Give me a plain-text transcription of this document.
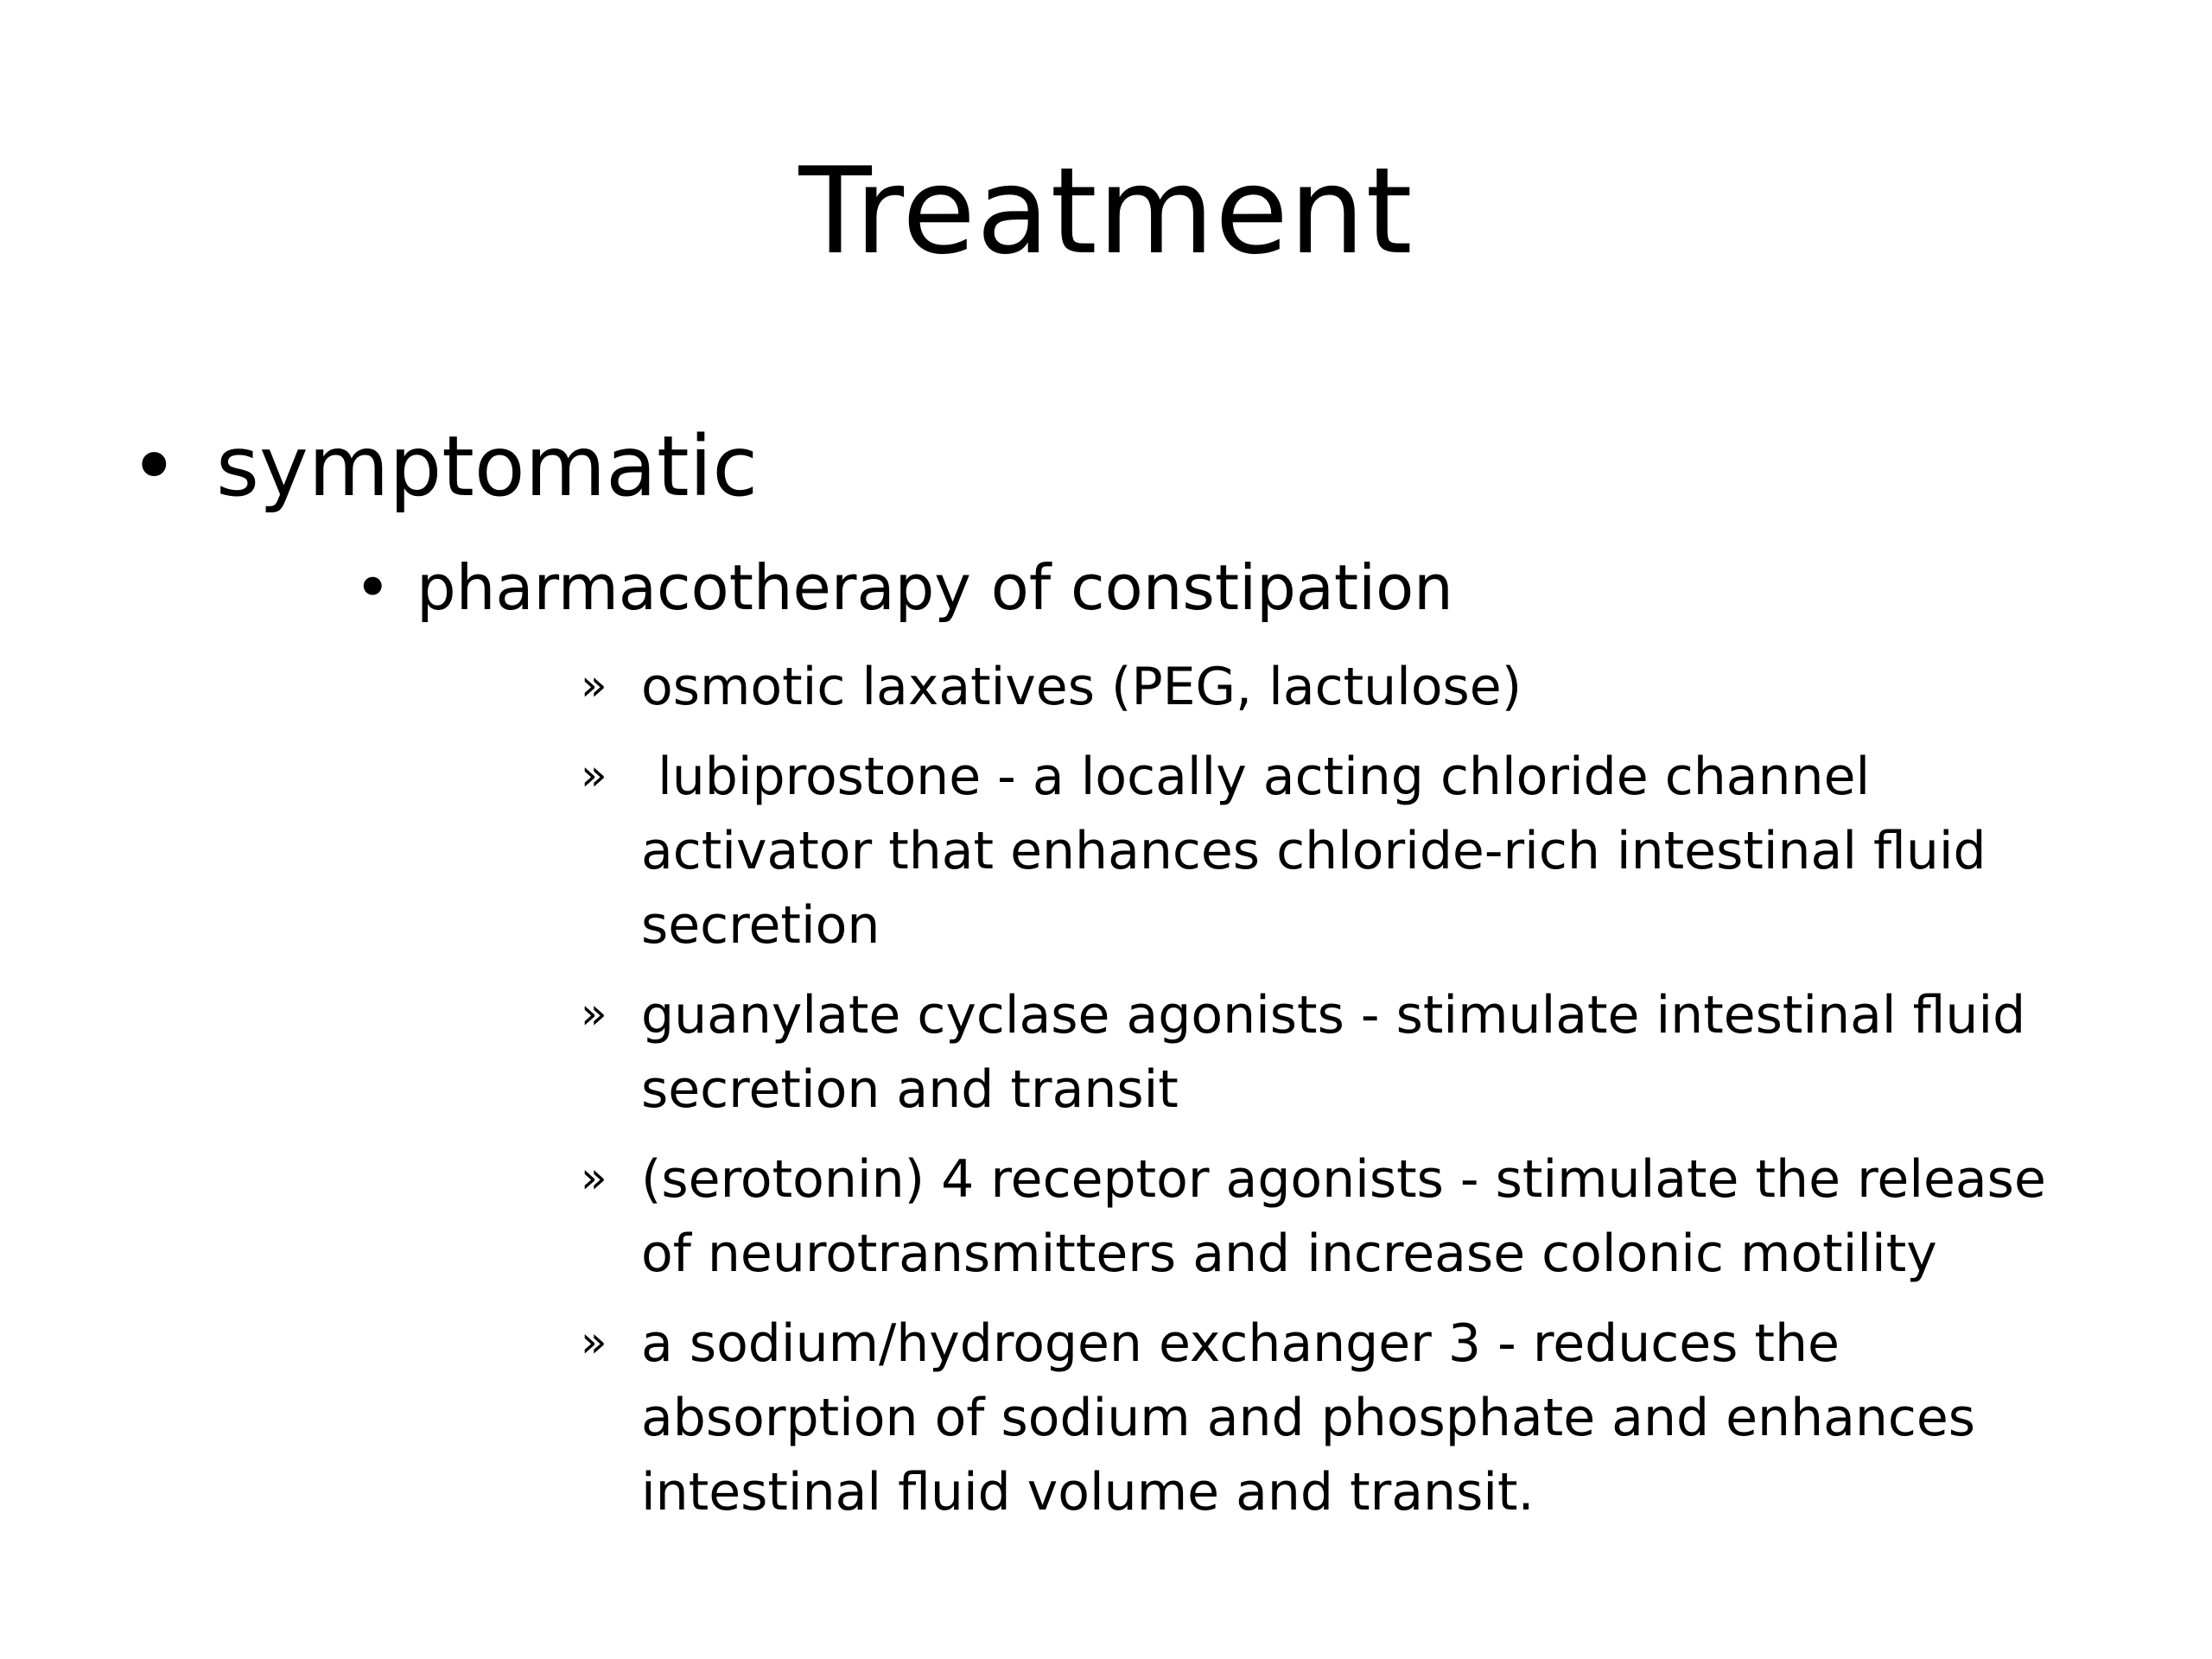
Treatment
• symptomatic
• pharmacotherapy of constipation
» osmotic laxatives (PEG, lactulose)
» lubiprostone - a locally acting chloride channel activator that enhances chloride-rich intestinal fluid secretion
» guanylate cyclase agonists - stimulate intestinal fluid secretion and transit
» (serotonin) 4 receptor agonists - stimulate the release of neurotransmitters and increase colonic motility
» a sodium/hydrogen exchanger 3 - reduces the absorption of sodium and phosphate and enhances intestinal fluid volume and transit.
